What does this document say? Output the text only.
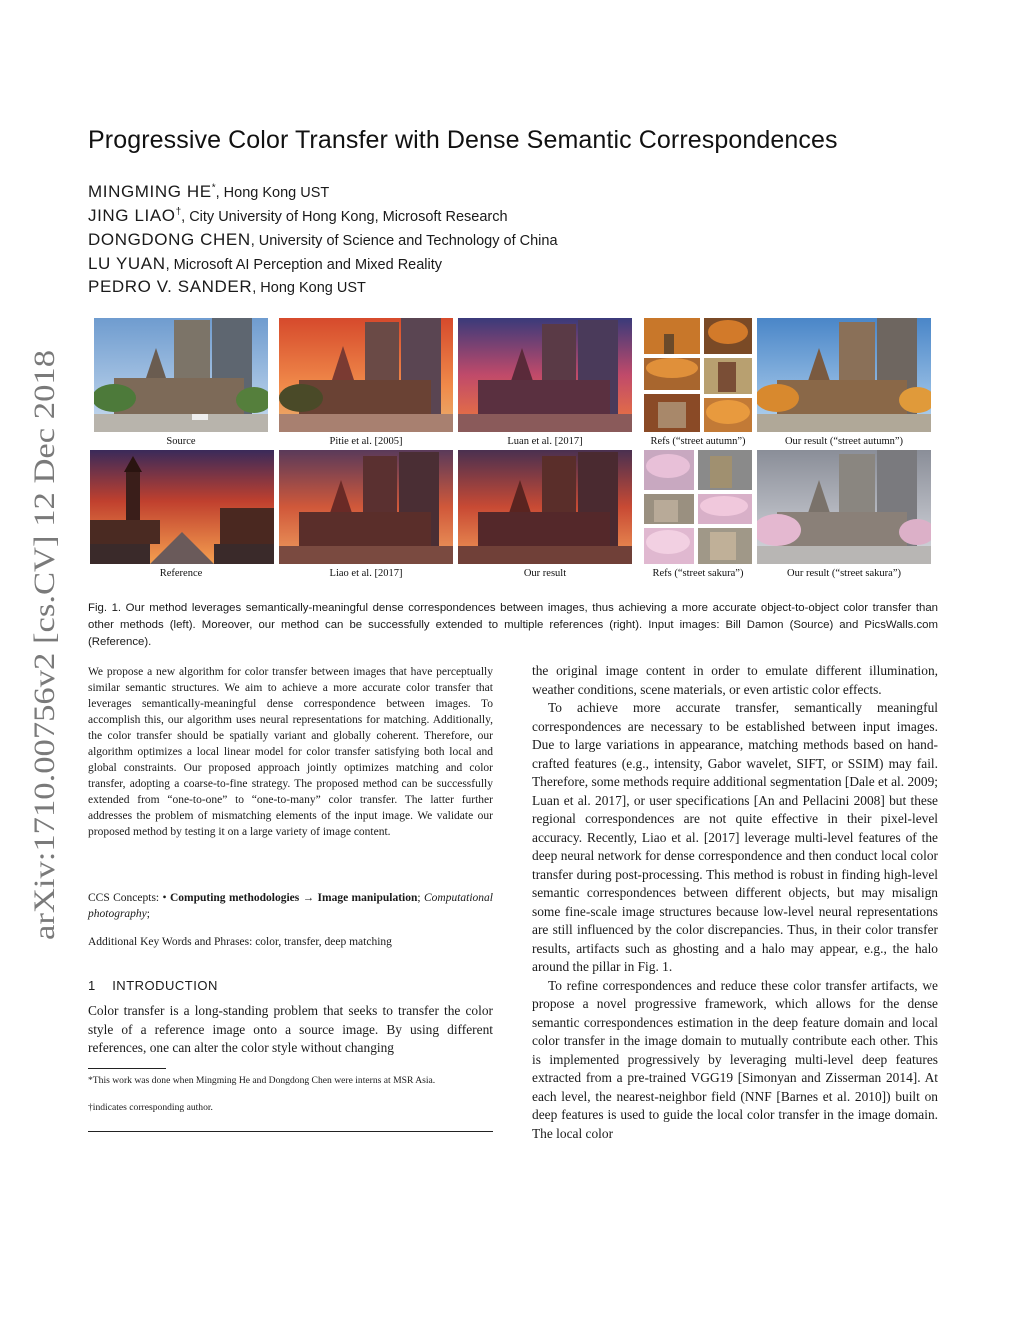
Progressive Color Transfer with Dense Semantic Correspondences
MINGMING HE*, Hong Kong UST
JING LIAO†, City University of Hong Kong, Microsoft Research
DONGDONG CHEN, University of Science and Technology of China
LU YUAN, Microsoft AI Perception and Mixed Reality
PEDRO V. SANDER, Hong Kong UST
arXiv:1710.00756v2 [cs.CV] 12 Dec 2018	Source	Pitie et al. [2005]	Luan et al. [2017]	Refs (“street autumn”)	Our result (“street autumn”)
Reference	Liao et al. [2017]	Our result	Refs (“street sakura”)	Our result (“street sakura”)
Fig. 1. Our method leverages semantically-meaningful dense correspondences between images, thus achieving a more accurate object-to-object color transfer than other methods (left). Moreover, our method can be successfully extended to multiple references (right). Input images: Bill Damon (Source) and PicsWalls.com (Reference).

We propose a new algorithm for color transfer between images that have perceptually similar semantic structures. We aim to achieve a more accurate color transfer that leverages semantically-meaningful dense correspondence between images. To accomplish this, our algorithm uses neural representations for matching. Additionally, the color transfer should be spatially variant and globally coherent. Therefore, our algorithm optimizes a local linear model for color transfer satisfying both local and global constraints. Our proposed approach jointly optimizes matching and color transfer, adopting a coarse-to-fine strategy. The proposed method can be successfully extended from “one-to-one” to “one-to-many” color transfer. The latter further addresses the problem of mismatching elements of the input image. We validate our proposed method by testing it on a large variety of image content.

CCS Concepts: • Computing methodologies → Image manipulation; Computational photography;
Additional Key Words and Phrases: color, transfer, deep matching
1 INTRODUCTION
Color transfer is a long-standing problem that seeks to transfer the color style of a reference image onto a source image. By using different references, one can alter the color style without changing
*This work was done when Mingming He and Dongdong Chen were interns at MSR Asia.
†indicates corresponding author.

the original image content in order to emulate different illumination, weather conditions, scene materials, or even artistic color effects.

To achieve more accurate transfer, semantically meaningful correspondences are necessary to be established between input images. Due to large variations in appearance, matching methods based on hand-crafted features (e.g., intensity, Gabor wavelet, SIFT, or SSIM) may fail. Therefore, some methods require additional segmentation [Dale et al. 2009; Luan et al. 2017], or user specifications [An and Pellacini 2008] but these regional correspondences are not quite effective in their pixel-level accuracy. Recently, Liao et al. [2017] leverage multi-level features of the deep neural network for dense correspondence and then conduct local color transfer during post-processing. This method is robust in finding high-level semantic correspondences between different objects, but may misalign some fine-scale image structures because low-level neural representations are still influenced by the color discrepancies. Thus, in their color transfer results, artifacts such as ghosting and a halo may appear, e.g., the halo around the pillar in Fig. 1.

To refine correspondences and reduce these color transfer artifacts, we propose a novel progressive framework, which allows for the dense semantic correspondences estimation in the deep feature domain and local color transfer in the image domain to mutually contribute each other. This is implemented progressively by leveraging multi-level deep features extracted from a pre-trained VGG19 [Simonyan and Zisserman 2014]. At each level, the nearest-neighbor field (NNF [Barnes et al. 2010]) built on deep features is used to guide the local color transfer in the image domain. The local color
